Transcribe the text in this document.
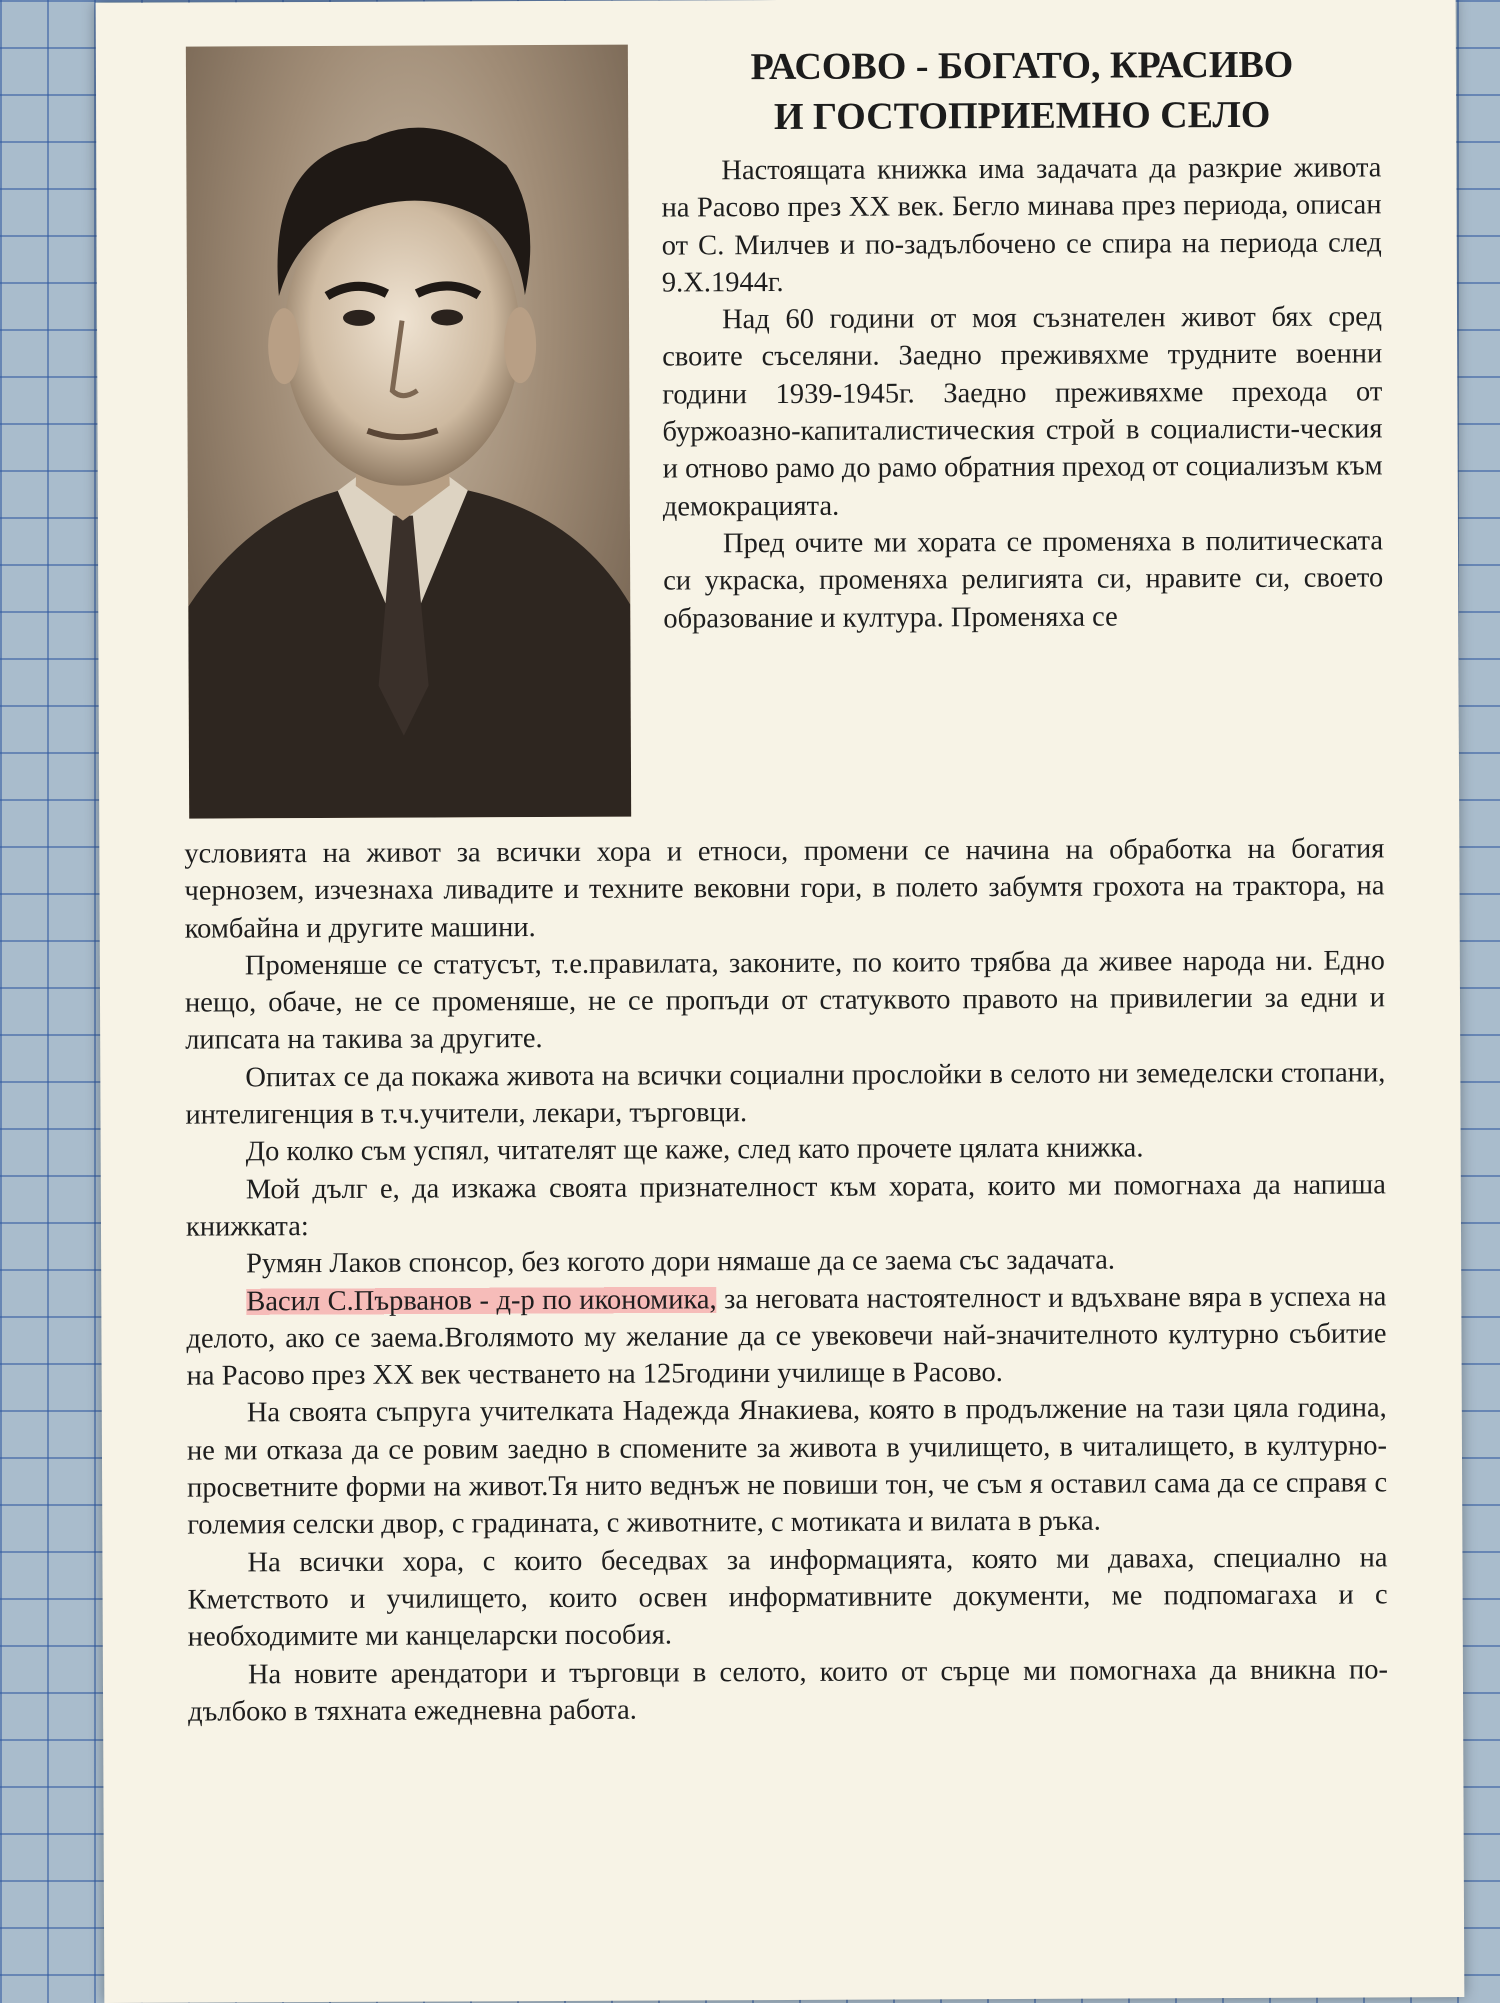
РАСОВО - БОГАТО, КРАСИВО
И ГОСТОПРИЕМНО СЕЛО

Настоящата книжка има задачата да разкрие живота на Расово през XX век. Бегло минава през периода, описан от С. Милчев и по-задълбочено се спира на периода след 9.X.1944г.

Над 60 години от моя съзнателен живот бях сред своите съселяни. Заедно преживяхме трудните военни години 1939-1945г. Заедно преживяхме прехода от буржоазно-капиталистическия строй в социалисти-ческия и отново рамо до рамо обратния преход от социализъм към демокрацията.

Пред очите ми хората се променяха в политическата си украска, променяха религията си, нравите си, своето образование и култура. Променяха се

условията на живот за всички хора и етноси, промени се начина на обработка на богатия чернозем, изчезнаха ливадите и техните вековни гори, в полето забумтя грохота на трактора, на комбайна и другите машини.

Променяше се статусът, т.е.правилата, законите, по които трябва да живее народа ни. Едно нещо, обаче, не се променяше, не се пропъди от статуквото правото на привилегии за едни и липсата на такива за другите.

Опитах се да покажа живота на всички социални прослойки в селото ни земеделски стопани, интелигенция в т.ч.учители, лекари, търговци.

До колко съм успял, читателят ще каже, след като прочете цялата книжка.

Мой дълг е, да изкажа своята признателност към хората, които ми помогнаха да напиша книжката:

Румян Лаков спонсор, без когото дори нямаше да се заема със задачата.

Васил С.Първанов - д-р по икономика, за неговата настоятелност и вдъхване вяра в успеха на делото, ако се заема.Вголямото му желание да се увековечи най-значителното културно събитие на Расово през XX век честването на 125години училище в Расово.

На своята съпруга учителката Надежда Янакиева, която в продължение на тази цяла година, не ми отказа да се ровим заедно в спомените за живота в училището, в читалището, в културно-просветните форми на живот.Тя нито веднъж не повиши тон, че съм я оставил сама да се справя с големия селски двор, с градината, с животните, с мотиката и вилата в ръка.

На всички хора, с които беседвах за информацията, която ми даваха, специално на Кметството и училището, които освен информативните документи, ме подпомагаха и с необходимите ми канцеларски пособия.

На новите арендатори и търговци в селото, които от сърце ми помогнаха да вникна по-дълбоко в тяхната ежедневна работа.
